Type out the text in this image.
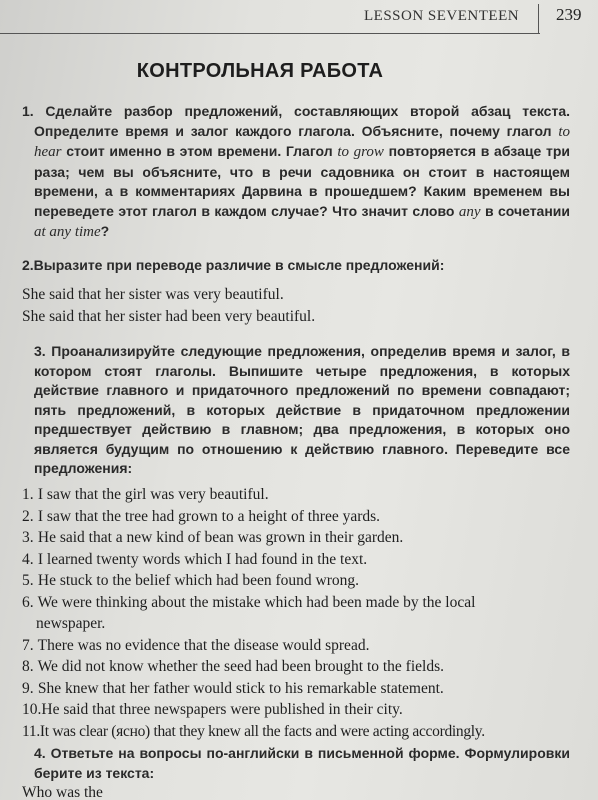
LESSON SEVENTEEN 239
КОНТРОЛЬНАЯ РАБОТА
1. Сделайте разбор предложений, составляющих второй абзац текста. Определите время и залог каждого глагола. Объясните, почему глагол to hear стоит именно в этом времени. Глагол to grow повторяется в абзаце три раза; чем вы объясните, что в речи садовника он стоит в настоящем времени, а в комментариях Дарвина в прошедшем? Каким временем вы переведете этот глагол в каждом случае? Что значит слово any в сочетании at any time?
2.Выразите при переводе различие в смысле предложений:
She said that her sister was very beautiful.
She said that her sister had been very beautiful.
3. Проанализируйте следующие предложения, определив время и залог, в котором стоят глаголы. Выпишите четыре предложения, в которых действие главного и придаточного предложений по времени совпадают; пять предложений, в которых действие в придаточном предложении предшествует действию в главном; два предложения, в которых оно является будущим по отношению к действию главного. Переведите все предложения:
1. I saw that the girl was very beautiful.
2. I saw that the tree had grown to a height of three yards.
3. He said that a new kind of bean was grown in their garden.
4. I learned twenty words which I had found in the text.
5. He stuck to the belief which had been found wrong.
6. We were thinking about the mistake which had been made by the local
newspaper.
7. There was no evidence that the disease would spread.
8. We did not know whether the seed had been brought to the fields.
9. She knew that her father would stick to his remarkable statement.
10.He said that three newspapers were published in their city.
11.It was clear (ясно) that they knew all the facts and were acting accordingly.
4. Ответьте на вопросы по-английски в письменной форме. Формулировки берите из текста:
Who was the
